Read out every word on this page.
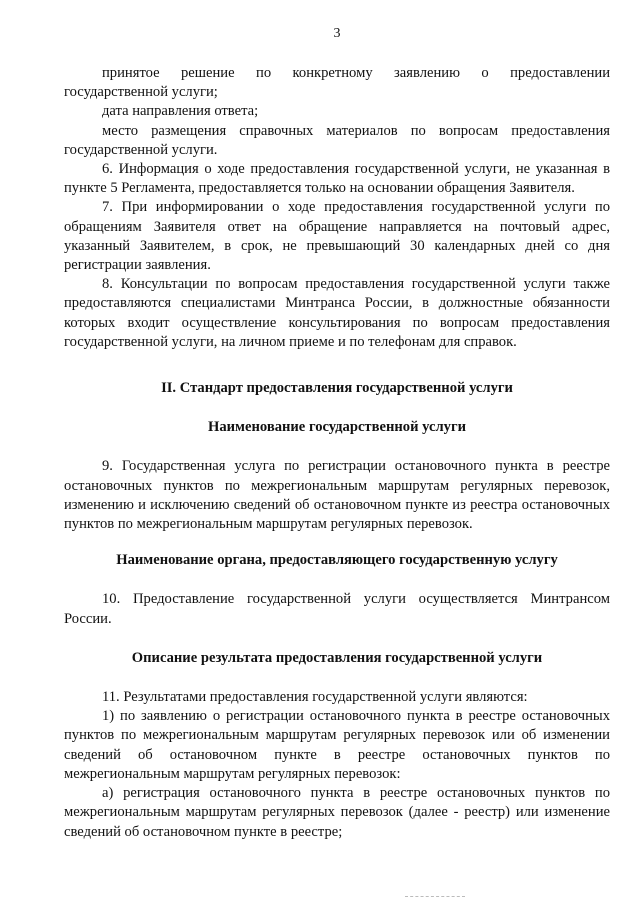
3

принятое решение по конкретному заявлению о предоставлении государственной услуги;

дата направления ответа;

место размещения справочных материалов по вопросам предоставления государственной услуги.

6. Информация о ходе предоставления государственной услуги, не указанная в пункте 5 Регламента, предоставляется только на основании обращения Заявителя.

7. При информировании о ходе предоставления государственной услуги по обращениям Заявителя ответ на обращение направляется на почтовый адрес, указанный Заявителем, в срок, не превышающий 30 календарных дней со дня регистрации заявления.

8. Консультации по вопросам предоставления государственной услуги также предоставляются специалистами Минтранса России, в должностные обязанности которых входит осуществление консультирования по вопросам предоставления государственной услуги, на личном приеме и по телефонам для справок.

II. Стандарт предоставления государственной услуги
Наименование государственной услуги

9. Государственная услуга по регистрации остановочного пункта в реестре остановочных пунктов по межрегиональным маршрутам регулярных перевозок, изменению и исключению сведений об остановочном пункте из реестра остановочных пунктов по межрегиональным маршрутам регулярных перевозок.

Наименование органа, предоставляющего государственную услугу

10. Предоставление государственной услуги осуществляется Минтрансом России.

Описание результата предоставления государственной услуги

11. Результатами предоставления государственной услуги являются:

1) по заявлению о регистрации остановочного пункта в реестре остановочных пунктов по межрегиональным маршрутам регулярных перевозок или об изменении сведений об остановочном пункте в реестре остановочных пунктов по межрегиональным маршрутам регулярных перевозок:

а) регистрация остановочного пункта в реестре остановочных пунктов по межрегиональным маршрутам регулярных перевозок (далее - реестр) или изменение сведений об остановочном пункте в реестре;
